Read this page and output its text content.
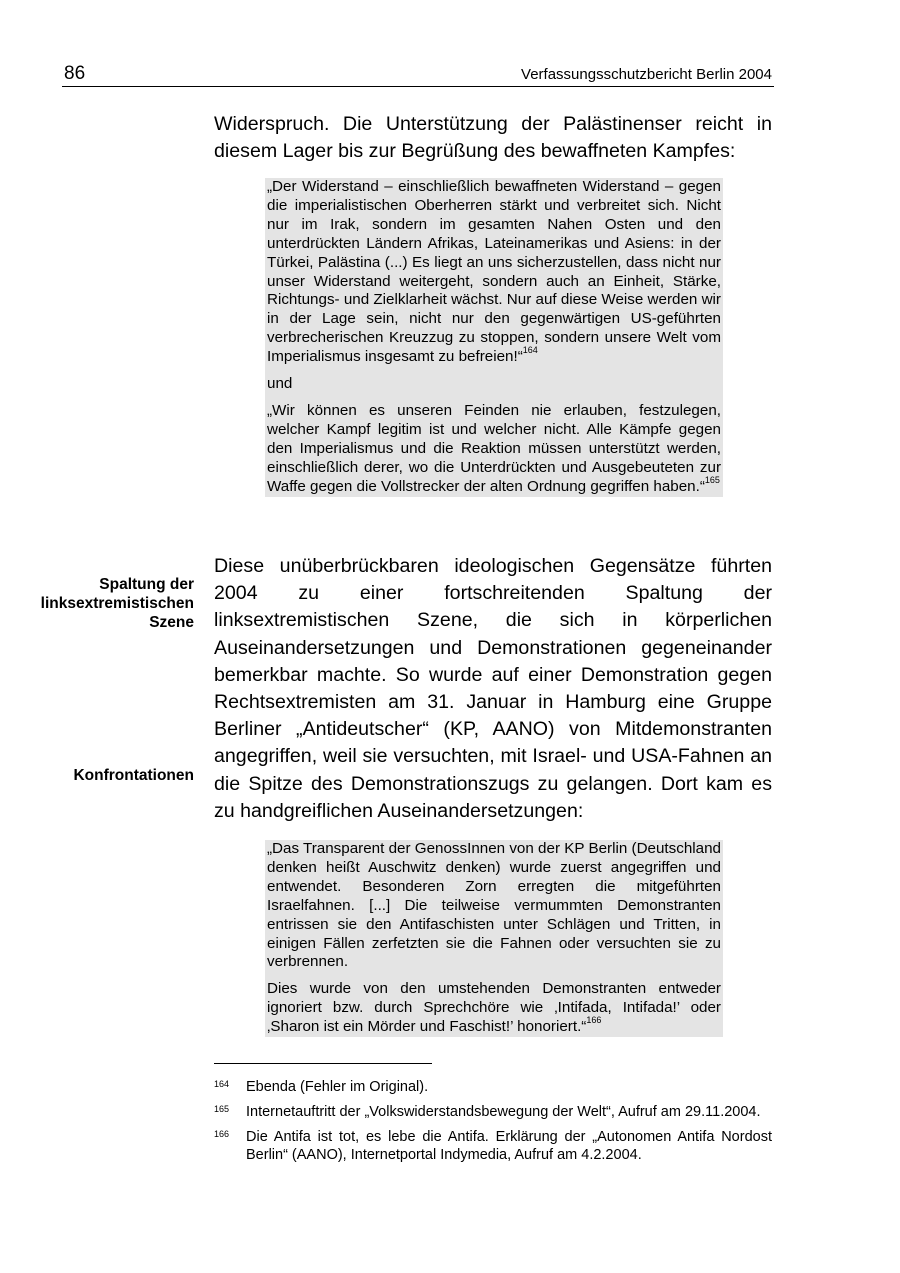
86	Verfassungsschutzbericht Berlin 2004

Widerspruch. Die Unterstützung der Palästinenser reicht in diesem Lager bis zur Begrüßung des bewaffneten Kampfes:

„Der Widerstand – einschließlich bewaffneten Widerstand – gegen die imperialistischen Oberherren stärkt und verbreitet sich. Nicht nur im Irak, sondern im gesamten Nahen Osten und den unterdrückten Ländern Afrikas, Lateinamerikas und Asiens: in der Türkei, Palästina (...) Es liegt an uns sicherzustellen, dass nicht nur unser Widerstand weitergeht, sondern auch an Einheit, Stärke, Richtungs- und Zielklarheit wächst. Nur auf diese Weise werden wir in der Lage sein, nicht nur den gegenwärtigen US-geführten verbrecherischen Kreuzzug zu stoppen, sondern unsere Welt vom Imperialismus insgesamt zu befreien!“$^{164}$

und

„Wir können es unseren Feinden nie erlauben, festzulegen, welcher Kampf legitim ist und welcher nicht. Alle Kämpfe gegen den Imperialismus und die Reaktion müssen unterstützt werden, einschließlich derer, wo die Unterdrückten und Ausgebeuteten zur Waffe gegen die Vollstrecker der alten Ordnung gegriffen haben.“$^{165}$

Spaltung der
linksextremistischen
Szene
Konfrontationen

Diese unüberbrückbaren ideologischen Gegensätze führten 2004 zu einer fortschreitenden Spaltung der linksextremistischen Szene, die sich in körperlichen Auseinandersetzungen und Demonstrationen gegeneinander bemerkbar machte. So wurde auf einer Demonstration gegen Rechtsextremisten am 31. Januar in Hamburg eine Gruppe Berliner „Antideutscher“ (KP, AANO) von Mitdemonstranten angegriffen, weil sie versuchten, mit Israel- und USA-Fahnen an die Spitze des Demonstrationszugs zu gelangen. Dort kam es zu handgreiflichen Auseinandersetzungen:

„Das Transparent der GenossInnen von der KP Berlin (Deutschland denken heißt Auschwitz denken) wurde zuerst angegriffen und entwendet. Besonderen Zorn erregten die mitgeführten Israelfahnen. [...] Die teilweise vermummten Demonstranten entrissen sie den Antifaschisten unter Schlägen und Tritten, in einigen Fällen zerfetzten sie die Fahnen oder versuchten sie zu verbrennen.

Dies wurde von den umstehenden Demonstranten entweder ignoriert bzw. durch Sprechchöre wie ‚Intifada, Intifada!’ oder ‚Sharon ist ein Mörder und Faschist!’ honoriert.“$^{166}$

164	Ebenda (Fehler im Original).
165	Internetauftritt der „Volkswiderstandsbewegung der Welt“, Aufruf am 29.11.2004.
166	Die Antifa ist tot, es lebe die Antifa. Erklärung der „Autonomen Antifa Nordost Berlin“ (AANO), Internetportal Indymedia, Aufruf am 4.2.2004.
